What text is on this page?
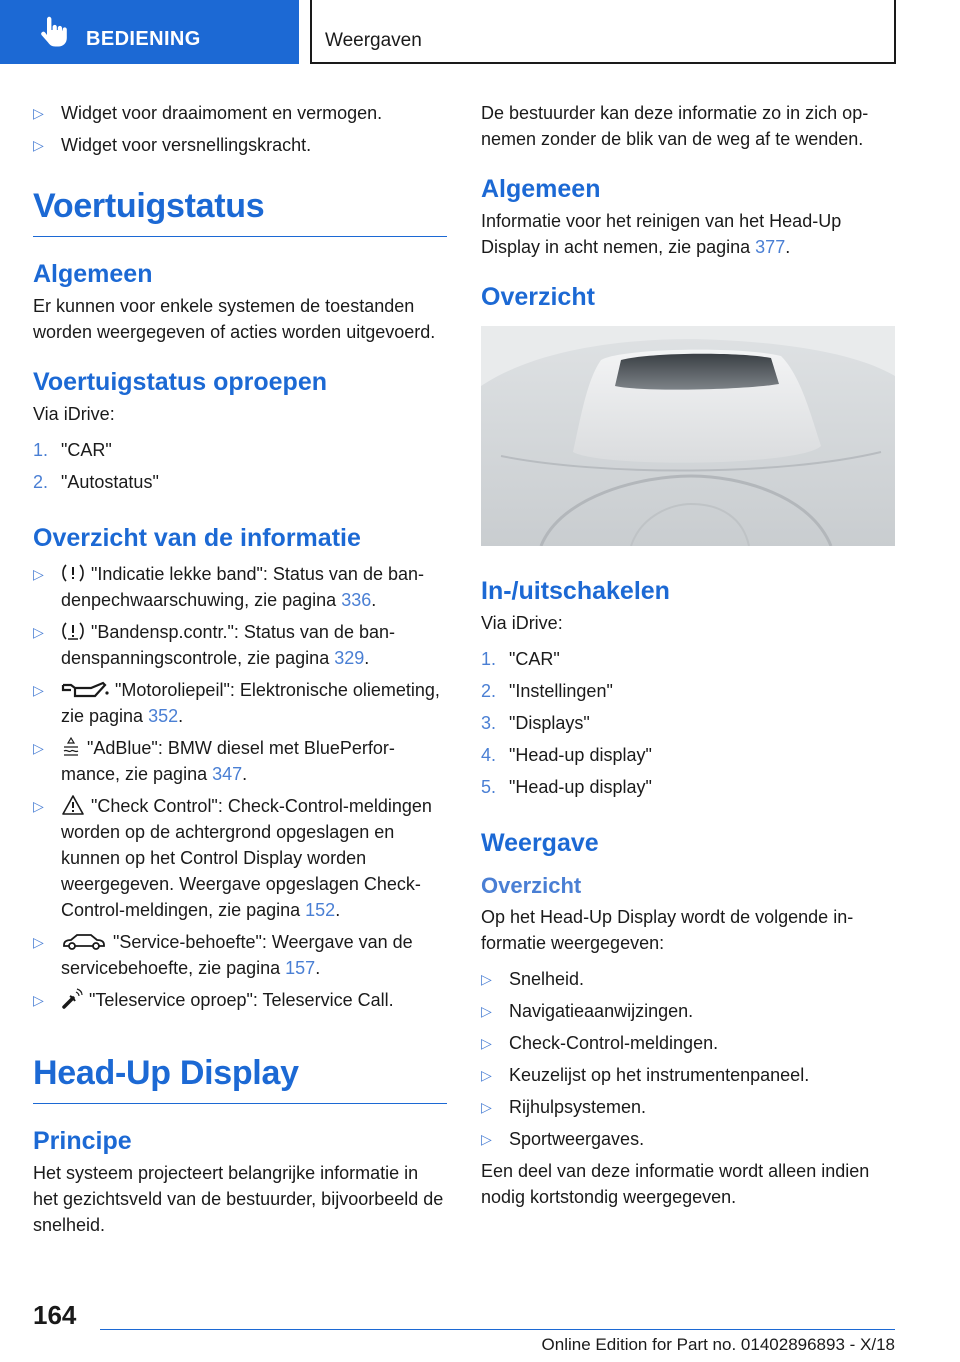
BEDIENING	Weergaven
▷ Widget voor draaimoment en vermogen.
▷ Widget voor versnellingskracht.
Voertuigstatus
Algemeen

Er kunnen voor enkele systemen de toestanden worden weergegeven of acties worden uitgevoerd.

Voertuigstatus oproepen

Via iDrive:

1. "CAR"
2. "Autostatus"
Overzicht van de informatie
▷	"Indicatie lekke band": Status van de bandenpechwaarschuwing, zie pagina 336.
▷	"Bandensp.contr.": Status van de bandenspanningscontrole, zie pagina 329.
▷	"Motoroliepeil": Elektronische oliemeting, zie pagina 352.
▷ "AdBlue": BMW diesel met BluePerformance, zie pagina 347.
▷	"Check Control": Check-Control-meldingen worden op de achtergrond opgeslagen en kunnen op het Control Display worden weergegeven. Weergave opgeslagen Check-Control-meldingen, zie pagina 152.
▷	"Service-behoefte": Weergave van de servicebehoefte, zie pagina 157.
▷	"Teleservice oproep": Teleservice Call.
Head-Up Display
Principe

Het systeem projecteert belangrijke informatie in het gezichtsveld van de bestuurder, bijvoorbeeld de snelheid.

De bestuurder kan deze informatie zo in zich opnemen zonder de blik van de weg af te wenden.

Algemeen

Informatie voor het reinigen van het Head-Up Display in acht nemen, zie pagina 377.

Overzicht
In-/uitschakelen

Via iDrive:

1. "CAR"
2. "Instellingen"
3. "Displays"
4. "Head-up display"
5. "Head-up display"
Weergave
Overzicht

Op het Head-Up Display wordt de volgende informatie weergegeven:

▷ Snelheid.
▷ Navigatieaanwijzingen.
▷ Check-Control-meldingen.
▷ Keuzelijst op het instrumentenpaneel.
▷ Rijhulpsystemen.
▷ Sportweergaves.

Een deel van deze informatie wordt alleen indien nodig kortstondig weergegeven.

164
Online Edition for Part no. 01402896893 - X/18
